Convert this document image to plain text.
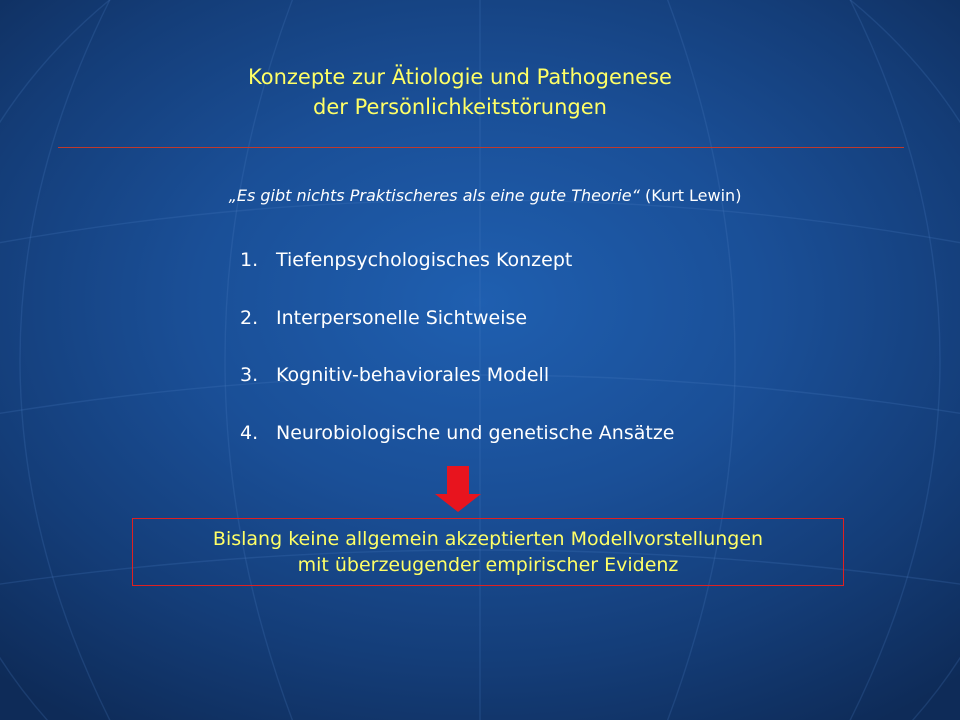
Konzepte zur Ätiologie und Pathogenese
der Persönlichkeitstörungen
„Es gibt nichts Praktischeres als eine gute Theorie“ (Kurt Lewin)
1. Tiefenpsychologisches Konzept
2. Interpersonelle Sichtweise
3. Kognitiv-behaviorales Modell
4. Neurobiologische und genetische Ansätze
Bislang keine allgemein akzeptierten Modellvorstellungen
mit überzeugender empirischer Evidenz
